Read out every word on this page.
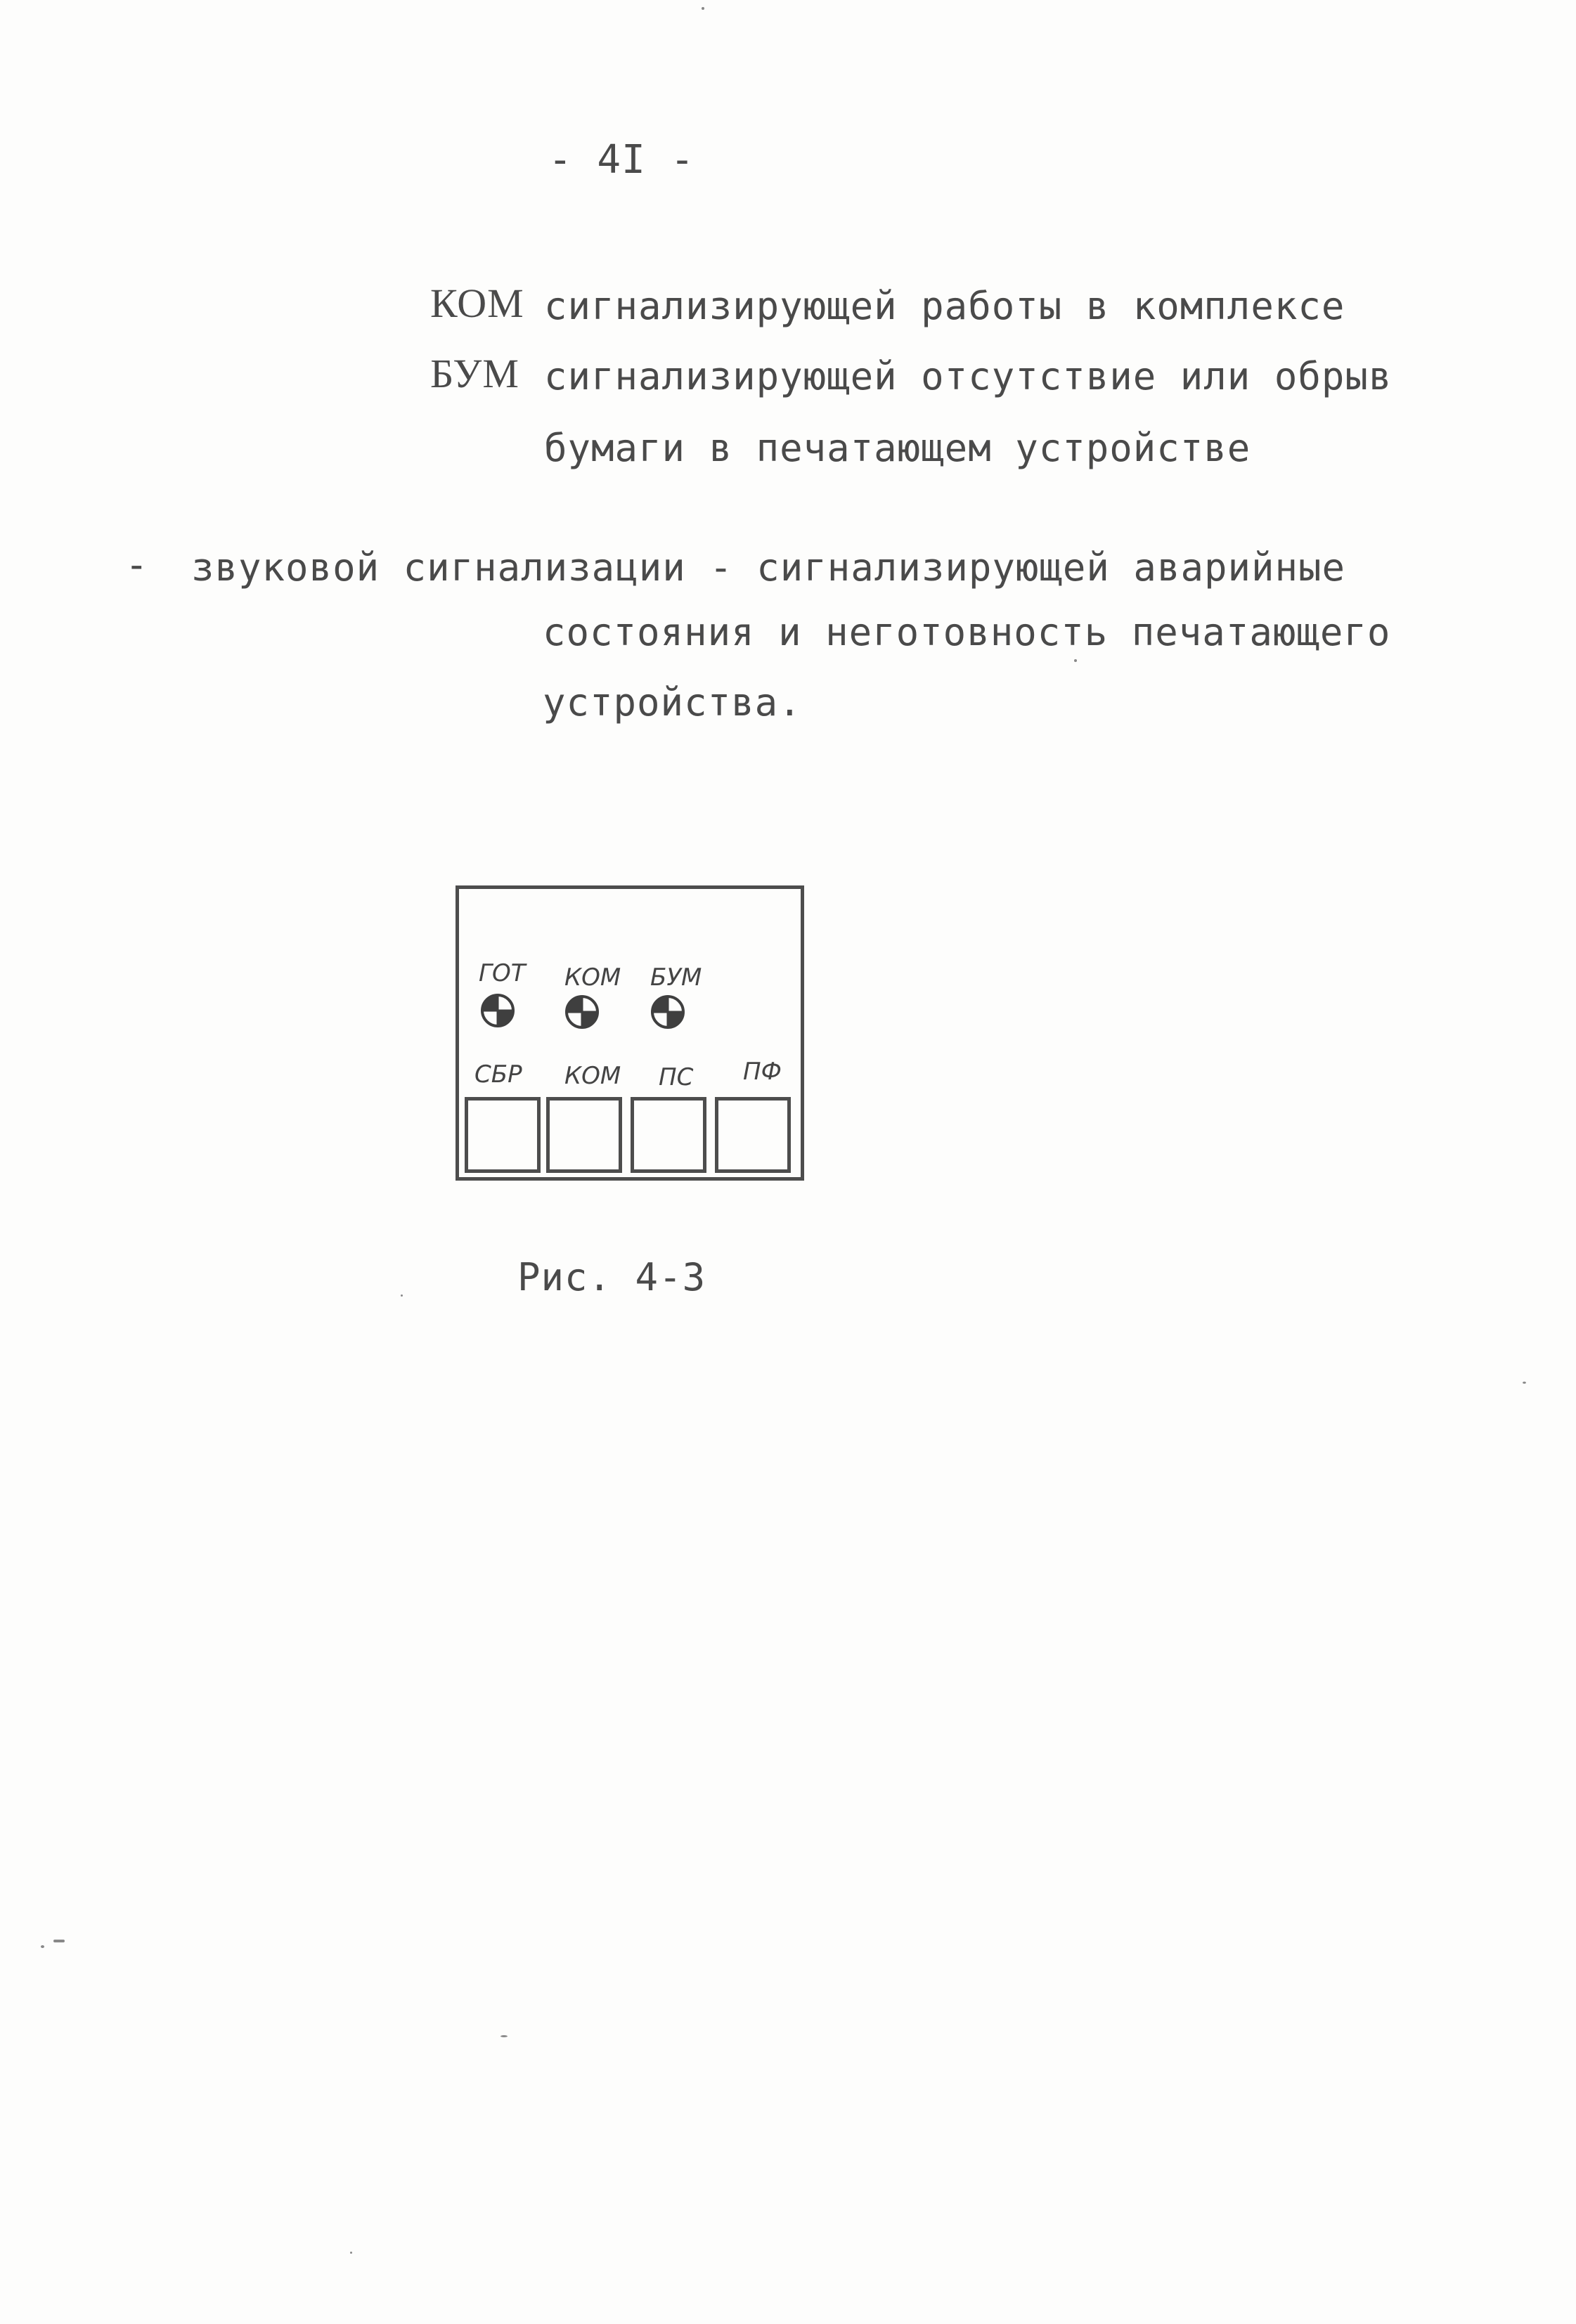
- 4I -
КОМ сигнализирующей работы в комплексе
БУМ сигнализирующей отсутствие или обрыв
бумаги в печатающем устройстве
- звуковой сигнализации - сигнализирующей аварийные
состояния и неготовность печатающего
устройства.
ГОТ КОМ БУМ
СБР КОМ ПС ПФ
Рис. 4-3
